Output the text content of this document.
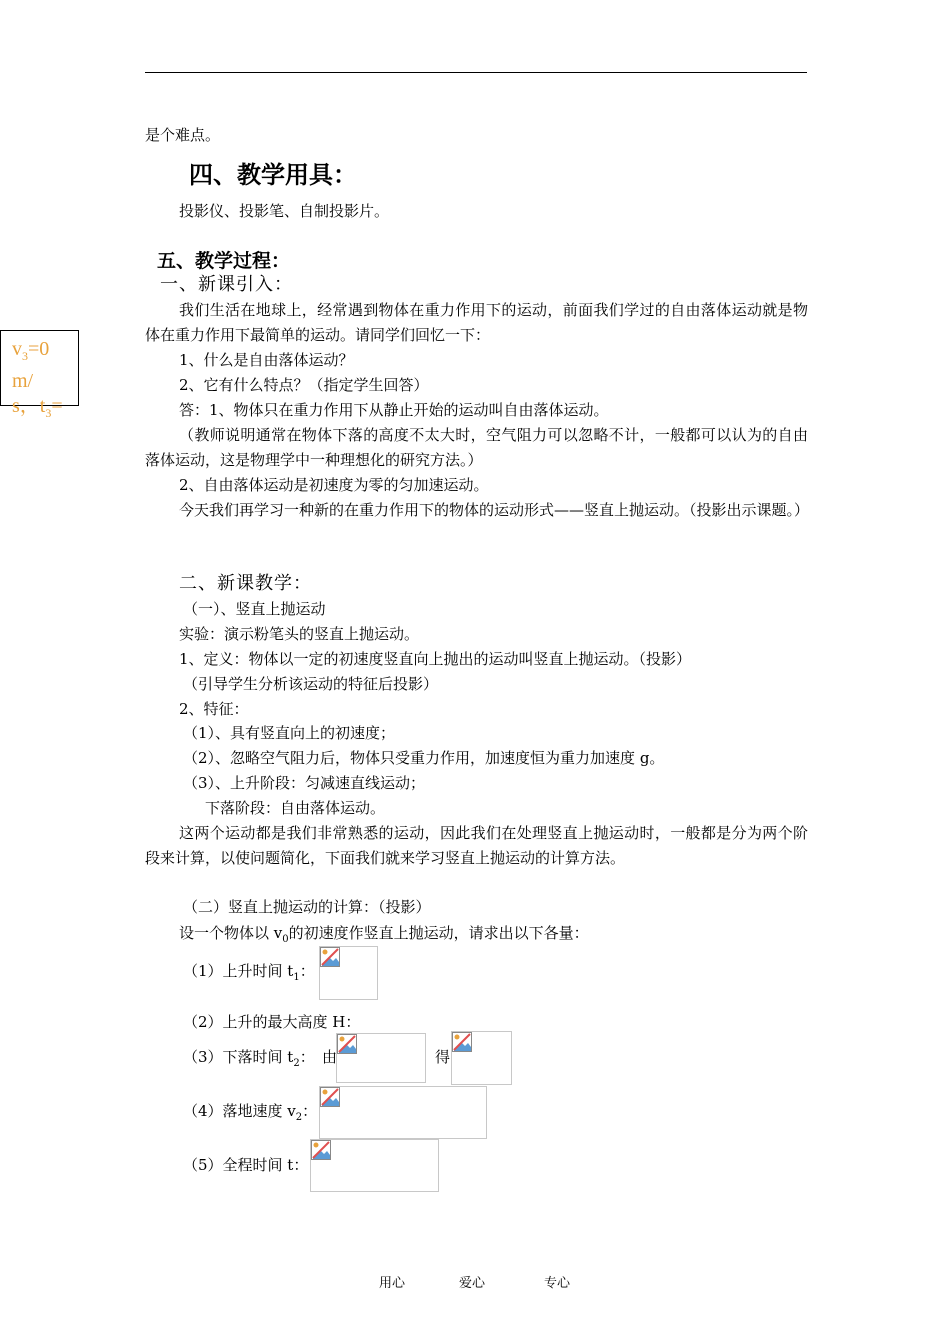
是个难点。
四、教学用具：
投影仪、投影笔、自制投影片。
五、教学过程：
一、新课引入：
我们生活在地球上，经常遇到物体在重力作用下的运动，前面我们学过的自由落体运动就是物体在重力作用下最简单的运动。请同学们回忆一下：
1、什么是自由落体运动？
2、它有什么特点？（指定学生回答）
答：1、物体只在重力作用下从静止开始的运动叫自由落体运动。
（教师说明通常在物体下落的高度不太大时，空气阻力可以忽略不计，一般都可以认为的自由落体运动，这是物理学中一种理想化的研究方法。）
2、自由落体运动是初速度为零的匀加速运动。
今天我们再学习一种新的在重力作用下的物体的运动形式——竖直上抛运动。（投影出示课题。）
二、新课教学：
（一）、竖直上抛运动
实验：演示粉笔头的竖直上抛运动。
1、定义：物体以一定的初速度竖直向上抛出的运动叫竖直上抛运动。（投影）
（引导学生分析该运动的特征后投影）
2、特征：
（1）、具有竖直向上的初速度；
（2）、忽略空气阻力后，物体只受重力作用，加速度恒为重力加速度 g。
（3）、上升阶段：匀减速直线运动；
下落阶段：自由落体运动。
这两个运动都是我们非常熟悉的运动，因此我们在处理竖直上抛运动时，一般都是分为两个阶段来计算，以使问题简化，下面我们就来学习竖直上抛运动的计算方法。
（二）竖直上抛运动的计算：（投影）
设一个物体以 $v_0$的初速度作竖直上抛运动，请求出以下各量：
（1）上升时间 $t_1$：
（2）上升的最大高度 H：
（3）下落时间 $t_2$： 由	得
（4）落地速度 $v_2$：
（5）全程时间 t：
$v_3=0$
m/
s，$t_3=$
用心	爱心	专心
